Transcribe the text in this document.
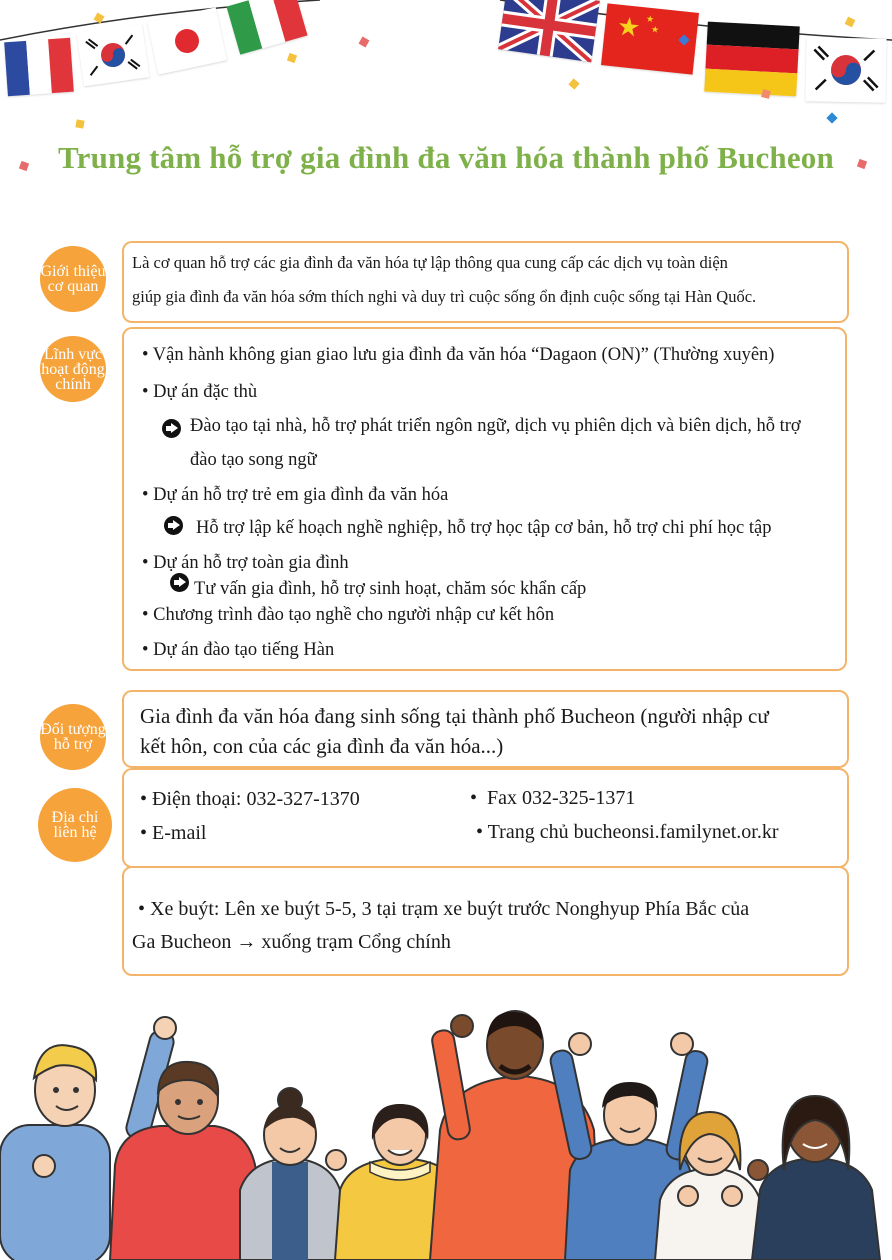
★ ★
★
Trung tâm hỗ trợ gia đình đa văn hóa thành phố Bucheon
Giới thiệu cơ quan
Là cơ quan hỗ trợ các gia đình đa văn hóa tự lập thông qua cung cấp các dịch vụ toàn diện
giúp gia đình đa văn hóa sớm thích nghi và duy trì cuộc sống ổn định cuộc sống tại Hàn Quốc.
Lĩnh vực hoạt động chính
• Vận hành không gian giao lưu gia đình đa văn hóa “Dagaon (ON)” (Thường xuyên)
• Dự án đặc thù
Đào tạo tại nhà, hỗ trợ phát triển ngôn ngữ, dịch vụ phiên dịch và biên dịch, hỗ trợ
đào tạo song ngữ
• Dự án hỗ trợ trẻ em gia đình đa văn hóa
Hỗ trợ lập kế hoạch nghề nghiệp, hỗ trợ học tập cơ bản, hỗ trợ chi phí học tập
• Dự án hỗ trợ toàn gia đình
Tư vấn gia đình, hỗ trợ sinh hoạt, chăm sóc khẩn cấp
• Chương trình đào tạo nghề cho người nhập cư kết hôn
• Dự án đào tạo tiếng Hàn
Đối tượng hỗ trợ
Gia đình đa văn hóa đang sinh sống tại thành phố Bucheon (người nhập cư
kết hôn, con của các gia đình đa văn hóa...)
Địa chỉ liên hệ
• Điện thoại: 032-327-1370	•  Fax 032-325-1371
• E-mail	• Trang chủ bucheonsi.familynet.or.kr
• Xe buýt: Lên xe buýt 5-5, 3 tại trạm xe buýt trước Nonghyup Phía Bắc của
Ga Bucheon → xuống trạm Cổng chính
